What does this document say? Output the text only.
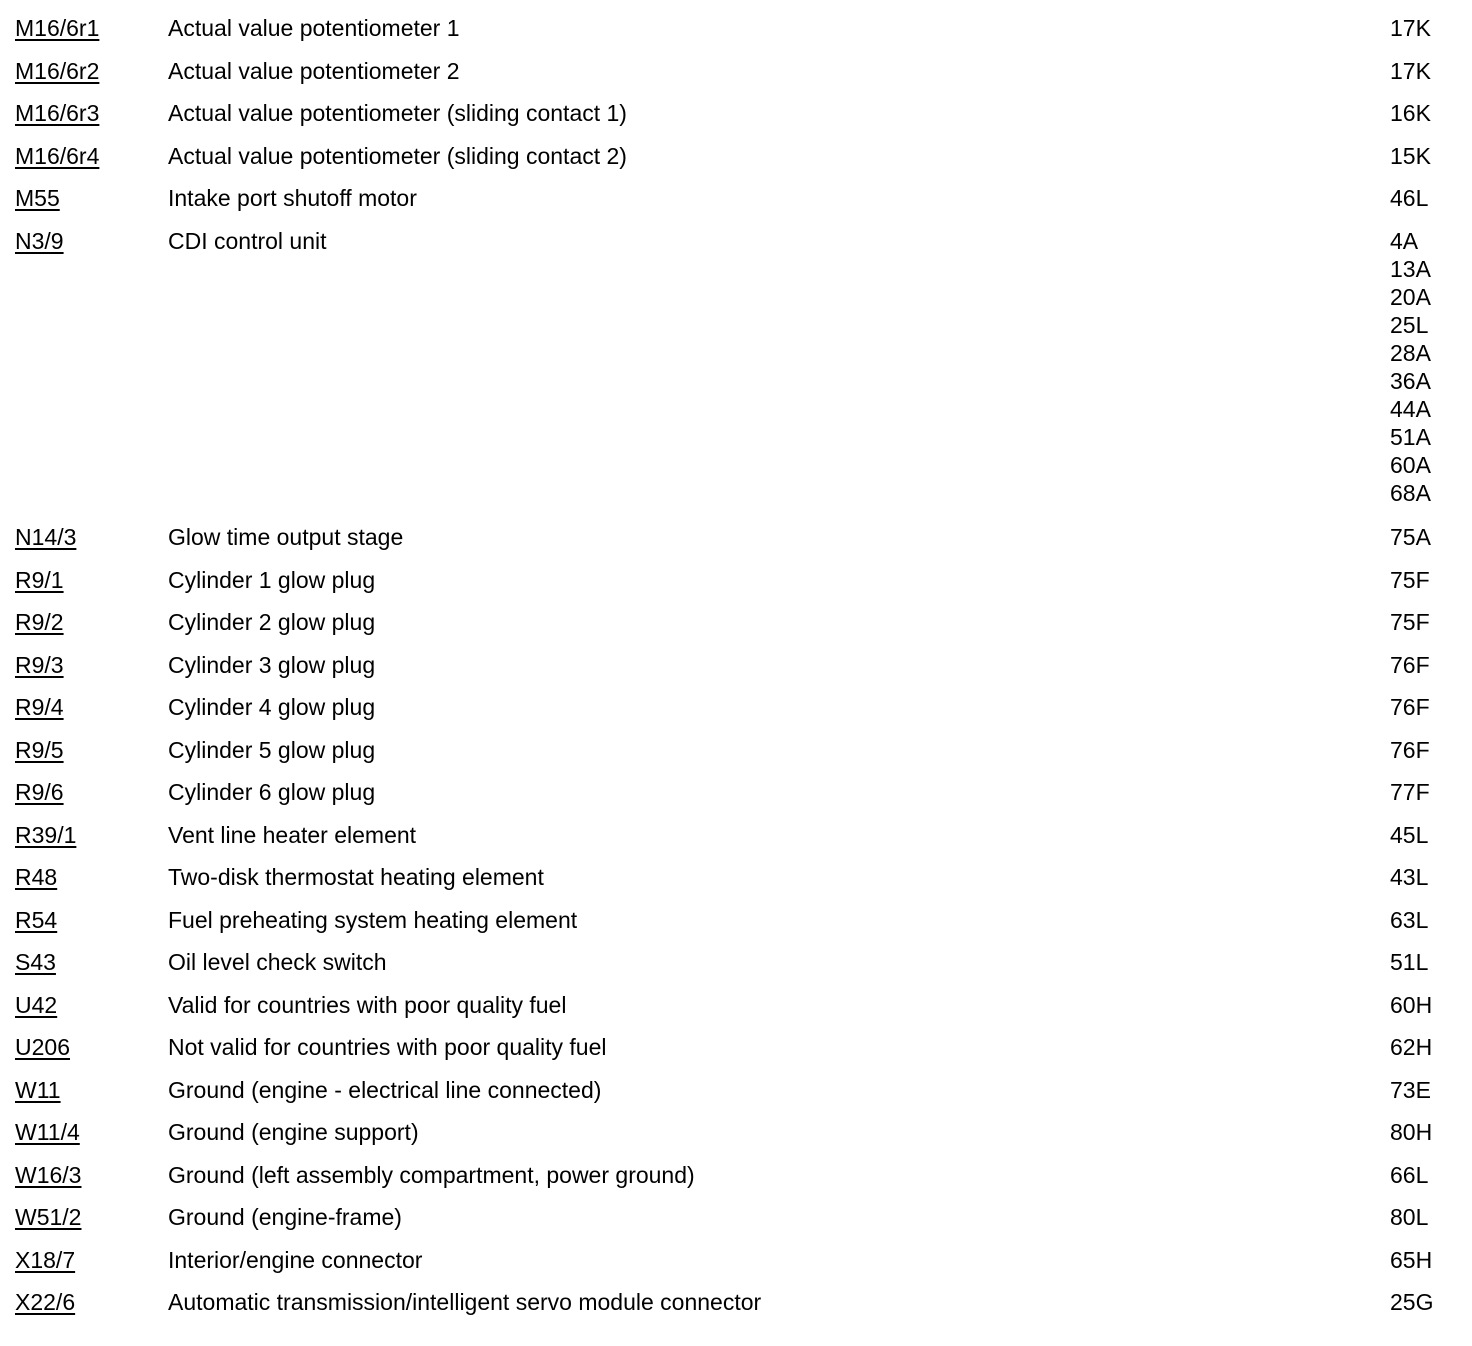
M16/6r1	Actual value potentiometer 1	17K
M16/6r2	Actual value potentiometer 2	17K
M16/6r3	Actual value potentiometer (sliding contact 1)	16K
M16/6r4	Actual value potentiometer (sliding contact 2)	15K
M55	Intake port shutoff motor	46L
N3/9	CDI control unit	4A
13A
20A
25L
28A
36A
44A
51A
60A
68A
N14/3	Glow time output stage	75A
R9/1	Cylinder 1 glow plug	75F
R9/2	Cylinder 2 glow plug	75F
R9/3	Cylinder 3 glow plug	76F
R9/4	Cylinder 4 glow plug	76F
R9/5	Cylinder 5 glow plug	76F
R9/6	Cylinder 6 glow plug	77F
R39/1	Vent line heater element	45L
R48	Two-disk thermostat heating element	43L
R54	Fuel preheating system heating element	63L
S43	Oil level check switch	51L
U42	Valid for countries with poor quality fuel	60H
U206	Not valid for countries with poor quality fuel	62H
W11	Ground (engine - electrical line connected)	73E
W11/4	Ground (engine support)	80H
W16/3	Ground (left assembly compartment, power ground)	66L
W51/2	Ground (engine-frame)	80L
X18/7	Interior/engine connector	65H
X22/6	Automatic transmission/intelligent servo module connector	25G
